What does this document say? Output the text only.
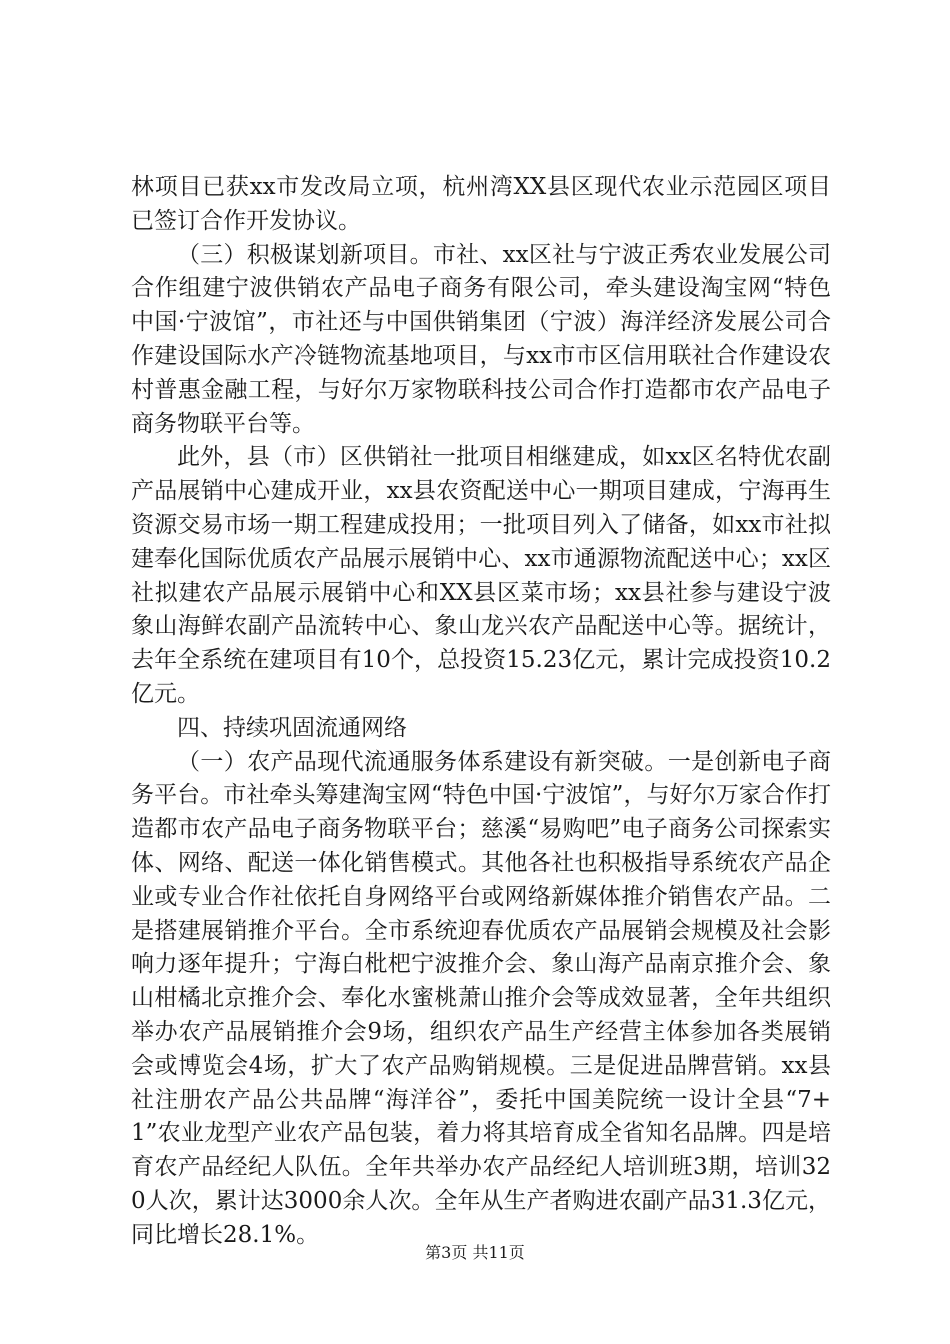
林项目已获xx市发改局立项，杭州湾XX县区现代农业示范园区项目已签订合作开发协议。

（三）积极谋划新项目。市社、xx区社与宁波正秀农业发展公司合作组建宁波供销农产品电子商务有限公司，牵头建设淘宝网“特色中国·宁波馆”，市社还与中国供销集团（宁波）海洋经济发展公司合作建设国际水产冷链物流基地项目，与xx市市区信用联社合作建设农村普惠金融工程，与好尔万家物联科技公司合作打造都市农产品电子商务物联平台等。

此外，县（市）区供销社一批项目相继建成，如xx区名特优农副产品展销中心建成开业，xx县农资配送中心一期项目建成，宁海再生资源交易市场一期工程建成投用；一批项目列入了储备，如xx市社拟建奉化国际优质农产品展示展销中心、xx市通源物流配送中心；xx区社拟建农产品展示展销中心和XX县区菜市场；xx县社参与建设宁波象山海鲜农副产品流转中心、象山龙兴农产品配送中心等。据统计，去年全系统在建项目有10个，总投资15.23亿元，累计完成投资10.2亿元。

四、持续巩固流通网络

（一）农产品现代流通服务体系建设有新突破。一是创新电子商务平台。市社牵头筹建淘宝网“特色中国·宁波馆”，与好尔万家合作打造都市农产品电子商务物联平台；慈溪“易购吧”电子商务公司探索实体、网络、配送一体化销售模式。其他各社也积极指导系统农产品企业或专业合作社依托自身网络平台或网络新媒体推介销售农产品。二是搭建展销推介平台。全市系统迎春优质农产品展销会规模及社会影响力逐年提升；宁海白枇杷宁波推介会、象山海产品南京推介会、象山柑橘北京推介会、奉化水蜜桃萧山推介会等成效显著，全年共组织举办农产品展销推介会9场，组织农产品生产经营主体参加各类展销会或博览会4场，扩大了农产品购销规模。三是促进品牌营销。xx县社注册农产品公共品牌“海洋谷”，委托中国美院统一设计全县“7+1”农业龙型产业农产品包装，着力将其培育成全省知名品牌。四是培育农产品经纪人队伍。全年共举办农产品经纪人培训班3期，培训320人次，累计达3000余人次。全年从生产者购进农副产品31.3亿元，同比增长28.1%。

第3页 共11页
